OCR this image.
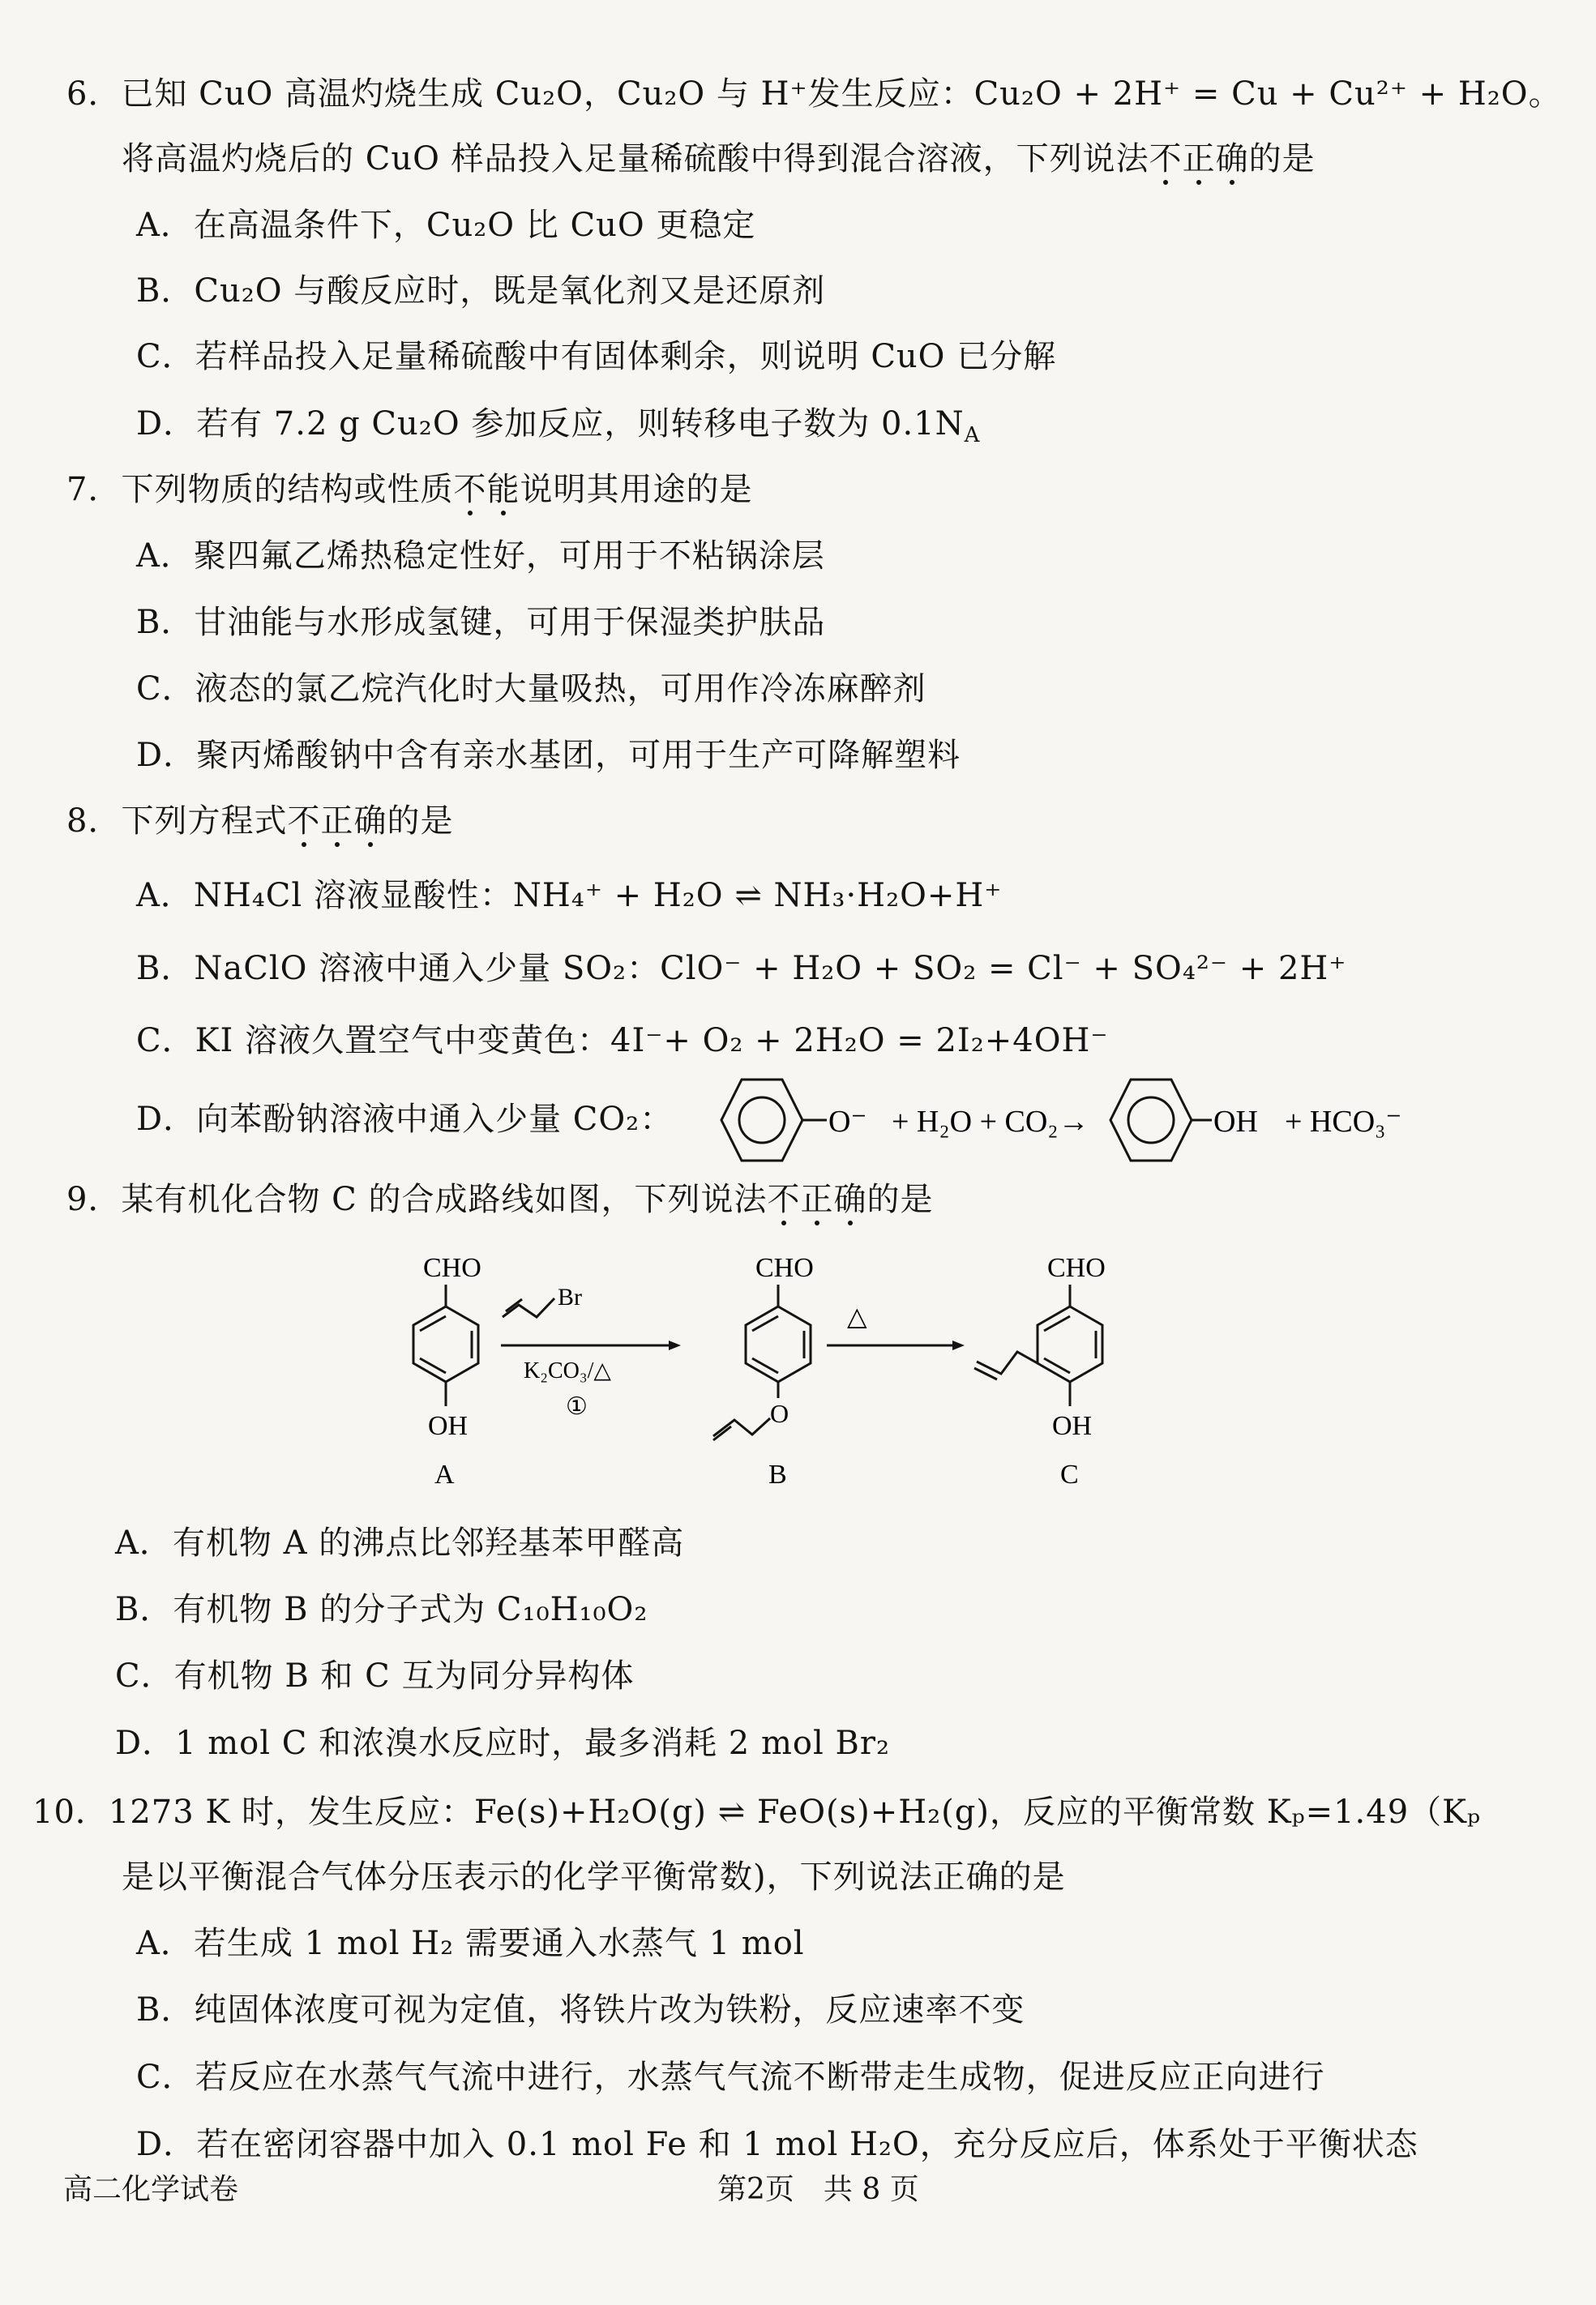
6．已知 CuO 高温灼烧生成 Cu₂O，Cu₂O 与 H⁺发生反应：Cu₂O + 2H⁺ = Cu + Cu²⁺ + H₂O。
将高温灼烧后的 CuO 样品投入足量稀硫酸中得到混合溶液，下列说法不正确的是
A．在高温条件下，Cu₂O 比 CuO 更稳定
B．Cu₂O 与酸反应时，既是氧化剂又是还原剂
C．若样品投入足量稀硫酸中有固体剩余，则说明 CuO 已分解
D．若有 7.2 g Cu₂O 参加反应，则转移电子数为 $0.1N_A$
7．下列物质的结构或性质不能说明其用途的是
A．聚四氟乙烯热稳定性好，可用于不粘锅涂层
B．甘油能与水形成氢键，可用于保湿类护肤品
C．液态的氯乙烷汽化时大量吸热，可用作冷冻麻醉剂
D．聚丙烯酸钠中含有亲水基团，可用于生产可降解塑料
8．下列方程式不正确的是
A．NH₄Cl 溶液显酸性：NH₄⁺ + H₂O ⇌ NH₃·H₂O+H⁺
B．NaClO 溶液中通入少量 SO₂：ClO⁻ + H₂O + SO₂ = Cl⁻ + SO₄²⁻ + 2H⁺
C．KI 溶液久置空气中变黄色：4I⁻+ O₂ + 2H₂O = 2I₂+4OH⁻
D．向苯酚钠溶液中通入少量 CO₂：	O⁻ + H₂O + CO₂→	OH + HCO₃⁻
9．某有机化合物 C 的合成路线如图，下列说法不正确的是
CHO
OH
A
Br
K₂CO₃/△
①
CHO
O
B
△
CHO
OH
C
A．有机物 A 的沸点比邻羟基苯甲醛高
B．有机物 B 的分子式为 C₁₀H₁₀O₂
C．有机物 B 和 C 互为同分异构体
D．1 mol C 和浓溴水反应时，最多消耗 2 mol Br₂
10．1273 K 时，发生反应：Fe(s)+H₂O(g) ⇌ FeO(s)+H₂(g)，反应的平衡常数 Kₚ=1.49（Kₚ
是以平衡混合气体分压表示的化学平衡常数)，下列说法正确的是
A．若生成 1 mol H₂ 需要通入水蒸气 1 mol
B．纯固体浓度可视为定值，将铁片改为铁粉，反应速率不变
C．若反应在水蒸气气流中进行，水蒸气气流不断带走生成物，促进反应正向进行
D．若在密闭容器中加入 0.1 mol Fe 和 1 mol H₂O，充分反应后，体系处于平衡状态
高二化学试卷	第2页　共 8 页
